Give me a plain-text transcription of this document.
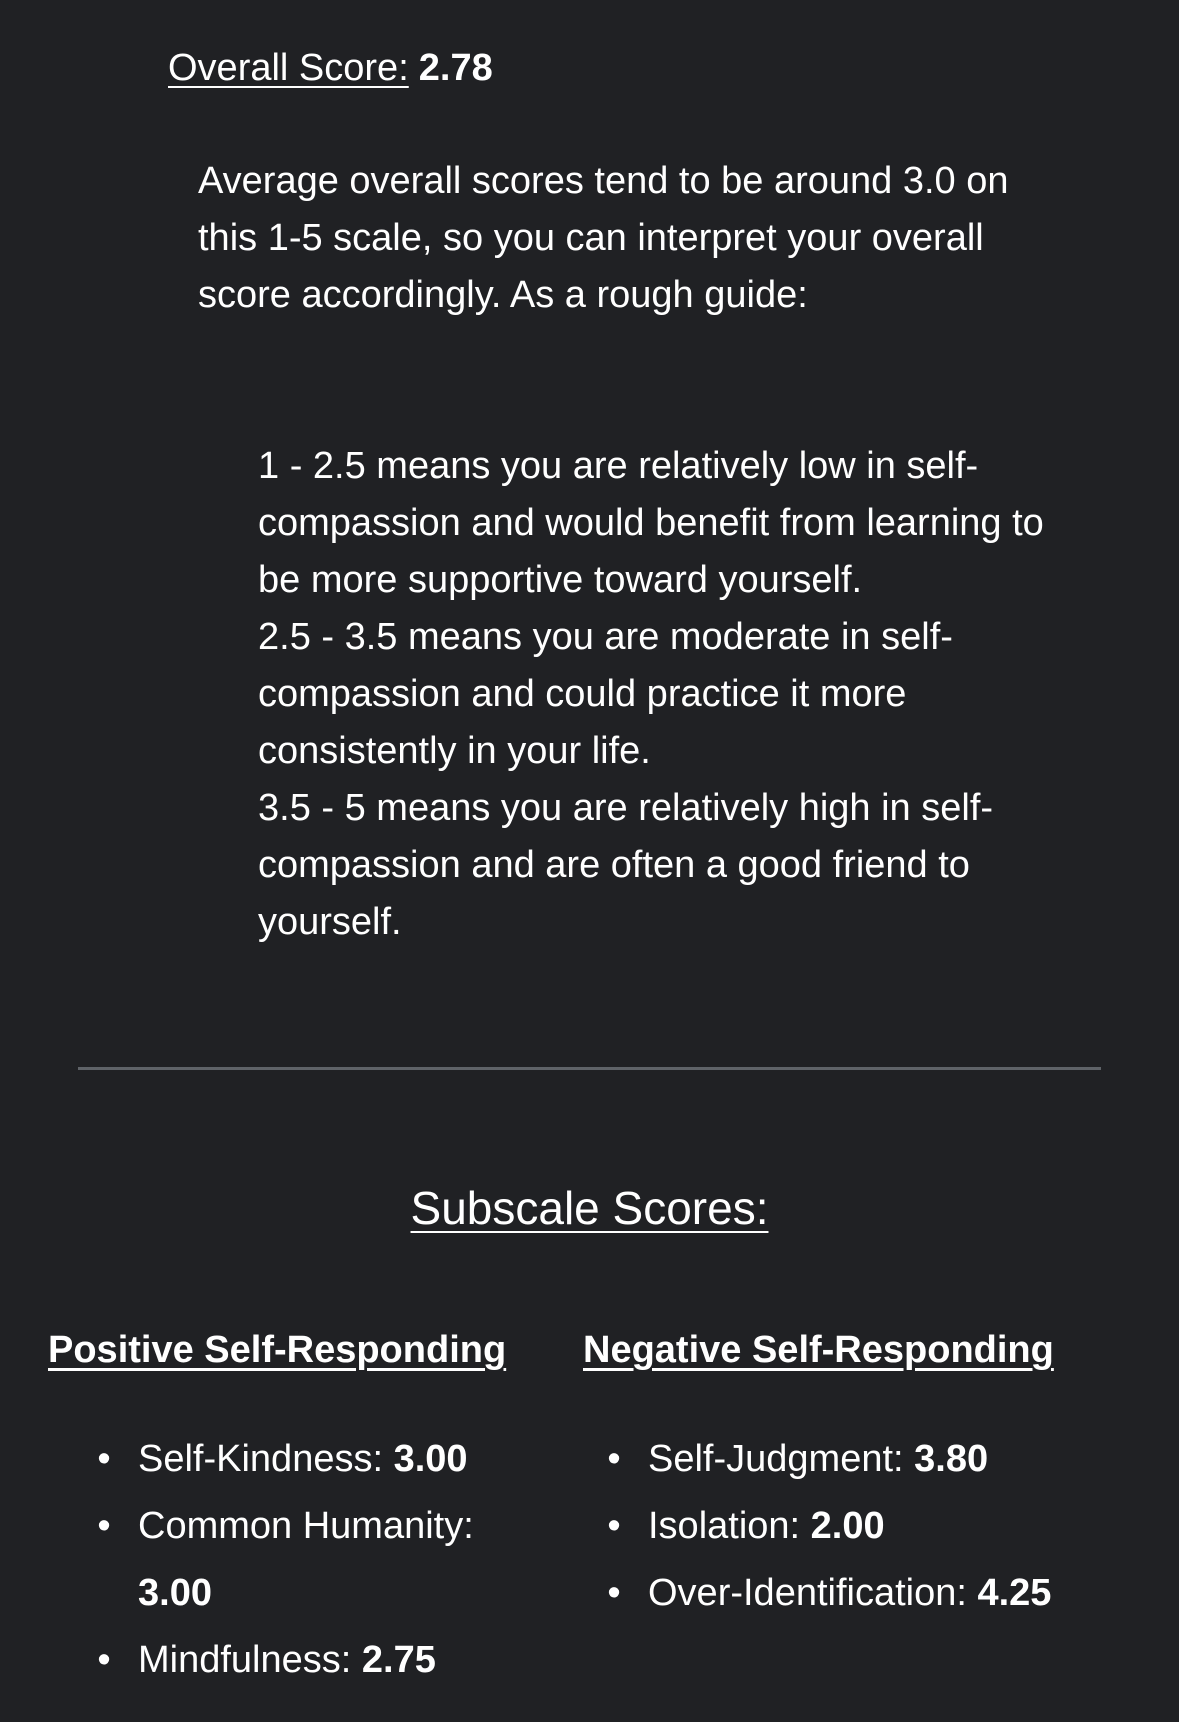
Overall Score: 2.78

Average overall scores tend to be around 3.0 on this 1-5 scale, so you can interpret your overall score accordingly. As a rough guide:

1 - 2.5 means you are relatively low in self-compassion and would benefit from learning to be more supportive toward yourself.
2.5 - 3.5 means you are moderate in self-compassion and could practice it more consistently in your life.
3.5 - 5 means you are relatively high in self-compassion and are often a good friend to yourself.
Subscale Scores:
Positive Self-Responding Negative Self-Responding
• Self-Kindness: 3.00
• Common Humanity: 3.00
• Mindfulness: 2.75
• Self-Judgment: 3.80
• Isolation: 2.00
• Over-Identification: 4.25
